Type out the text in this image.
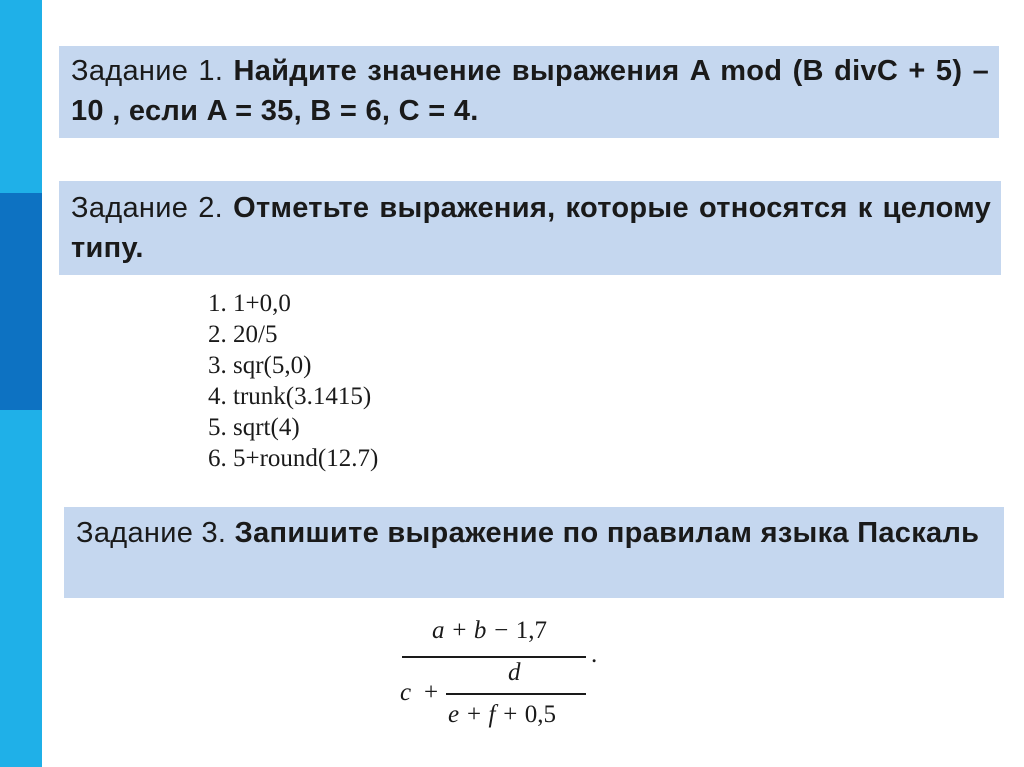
Задание 1. Найдите значение выражения A mod (B divC + 5) – 10 , если A = 35, B = 6, C = 4.
Задание 2. Отметьте выражения, которые относятся к целому типу.
1. 1+0,0
2. 20/5
3. sqr(5,0)
4. trunk(3.1415)
5. sqrt(4)
6. 5+round(12.7)
Задание 3. Запишите выражение по правилам языка Паскаль
a + b − 1,7
.
c +
d
e + f + 0,5
